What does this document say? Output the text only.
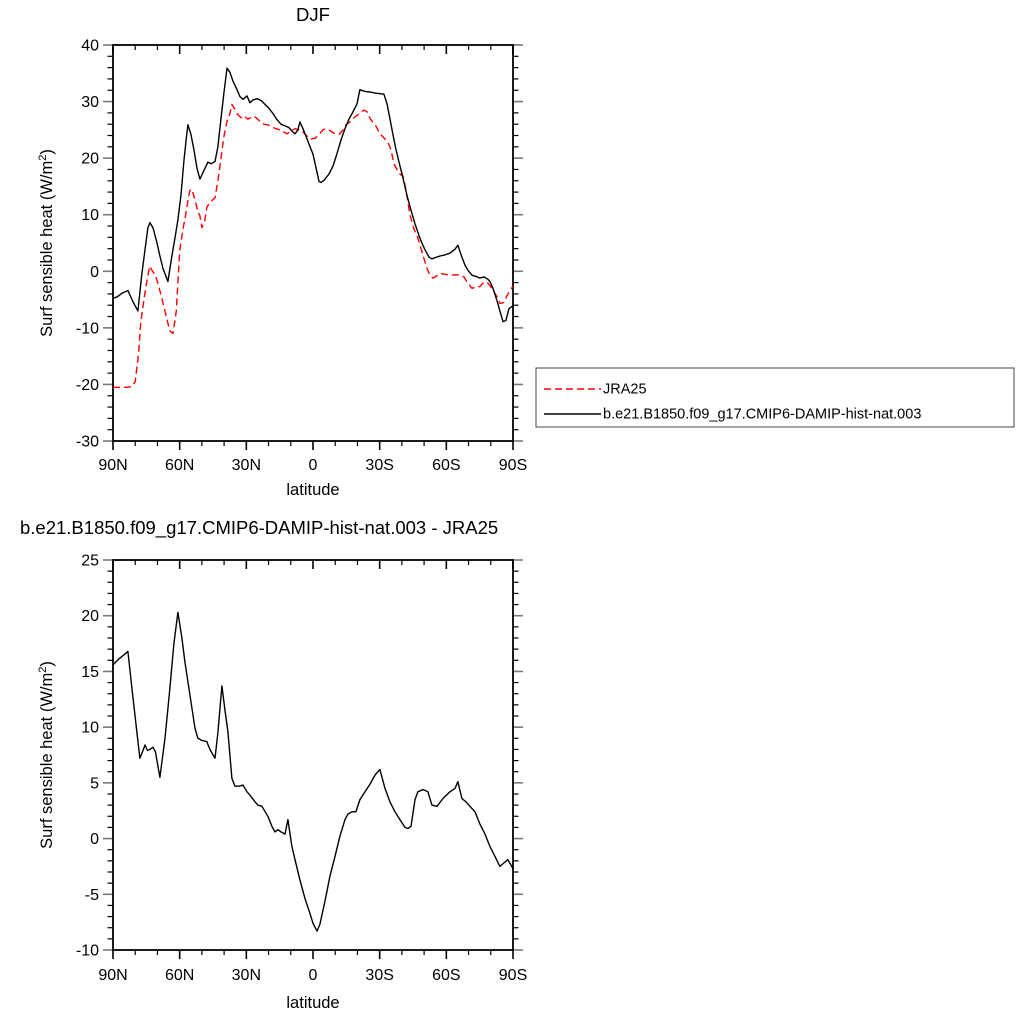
90N 60N 30N	0	30S 60S 90S
-30
-20
-10
0
10
20
30
40
DJF
latitude
Surf sensible heat $(W/m^2)$
JRA25
b.e21.B1850.f09_g17.CMIP6-DAMIP-hist-nat.003
90N 60N 30N	0	30S 60S 90S
-10
-5
0
5
10
15
20
25
b.e21.B1850.f09_g17.CMIP6-DAMIP-hist-nat.003 - JRA25
latitude
Surf sensible heat $(W/m^2)$
